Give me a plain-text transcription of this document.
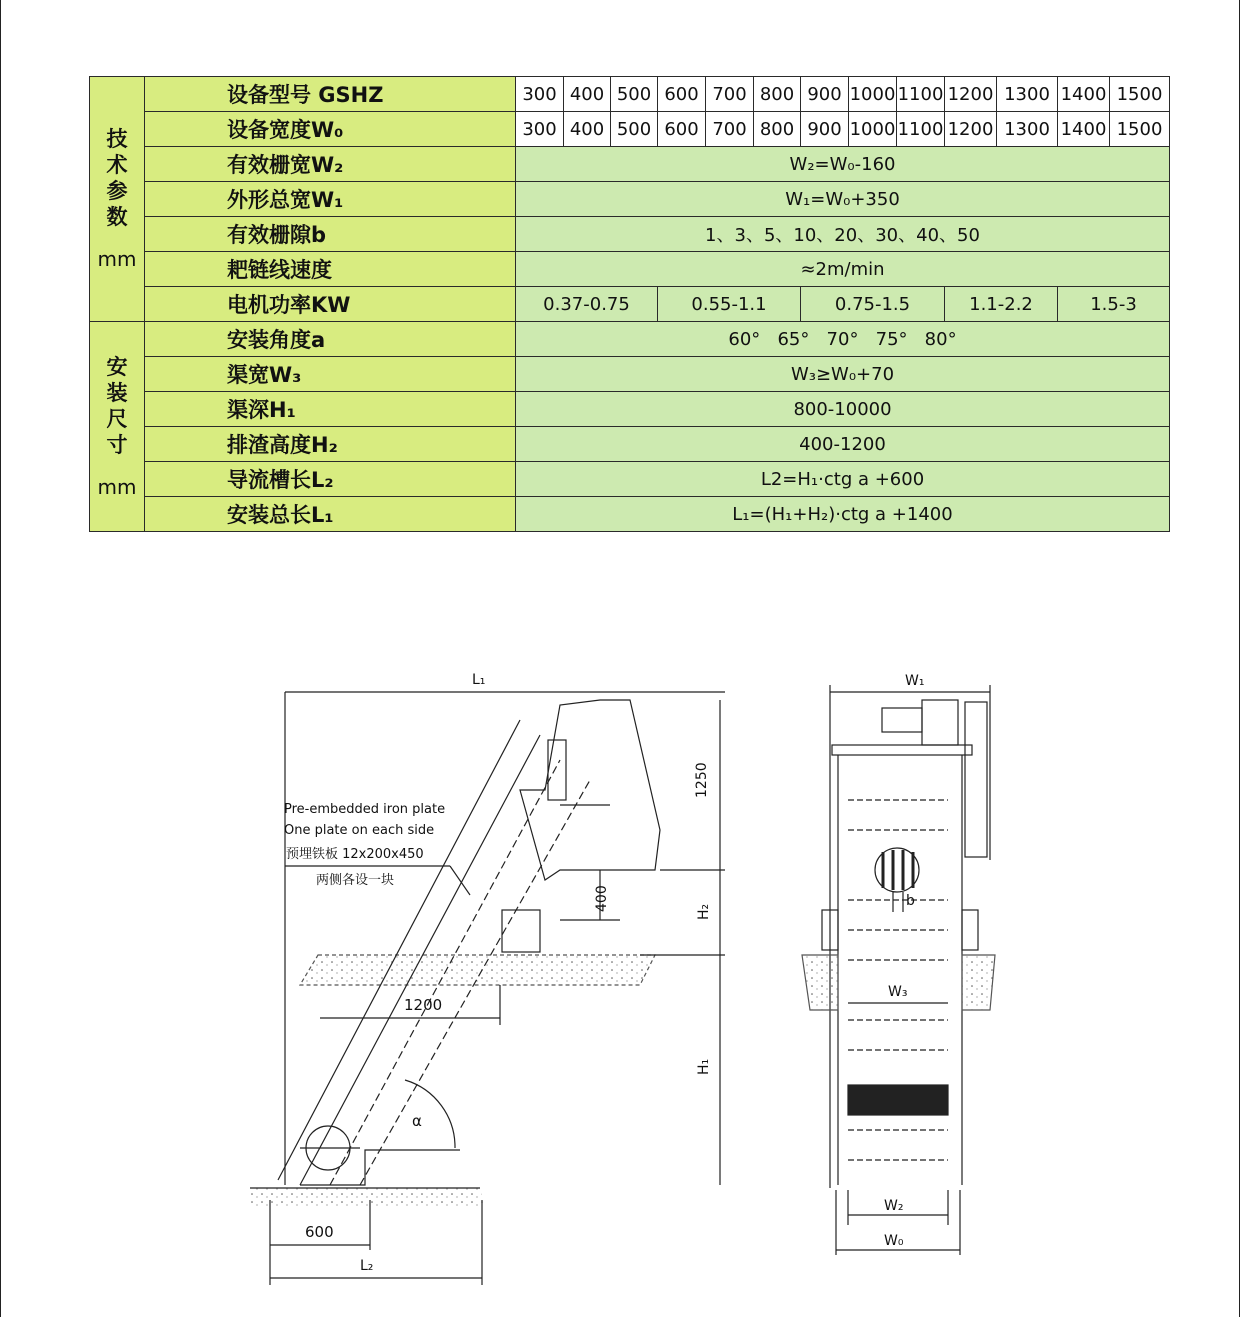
技
术
参
数
mm	设备型号 GSHZ	300	400	500	600	700	800	900	1000	1100	1200	1300	1400	1500
	设备宽度W₀	300	400	500	600	700	800	900	1000	1100	1200	1300	1400	1500
	有效栅宽W₂	W₂=W₀-160												
	外形总宽W₁	W₁=W₀+350												
	有效栅隙b	1、3、5、10、20、30、40、50												
	耙链线速度	≈2m/min												
	电机功率KW	0.37-0.75			0.55-1.1			0.75-1.5			1.1-2.2		1.5-3	

安
装
尺
寸
mm	安装角度a	60°   65°   70°   75°   80°												
	渠宽W₃	W₃≥W₀+70												
	渠深H₁	800-10000												
	排渣高度H₂	400-1200												
	导流槽长L₂	L2=H₁·ctg a +600												
	安装总长L₁	L₁=(H₁+H₂)·ctg a +1400												
L₁
1250
400	H₂
H₁
1200
600
L₂
α
Pre-embedded iron plate
One plate on each side
预埋铁板 12x200x450
两侧各设一块
W₁
b
W₃
W₂
W₀
